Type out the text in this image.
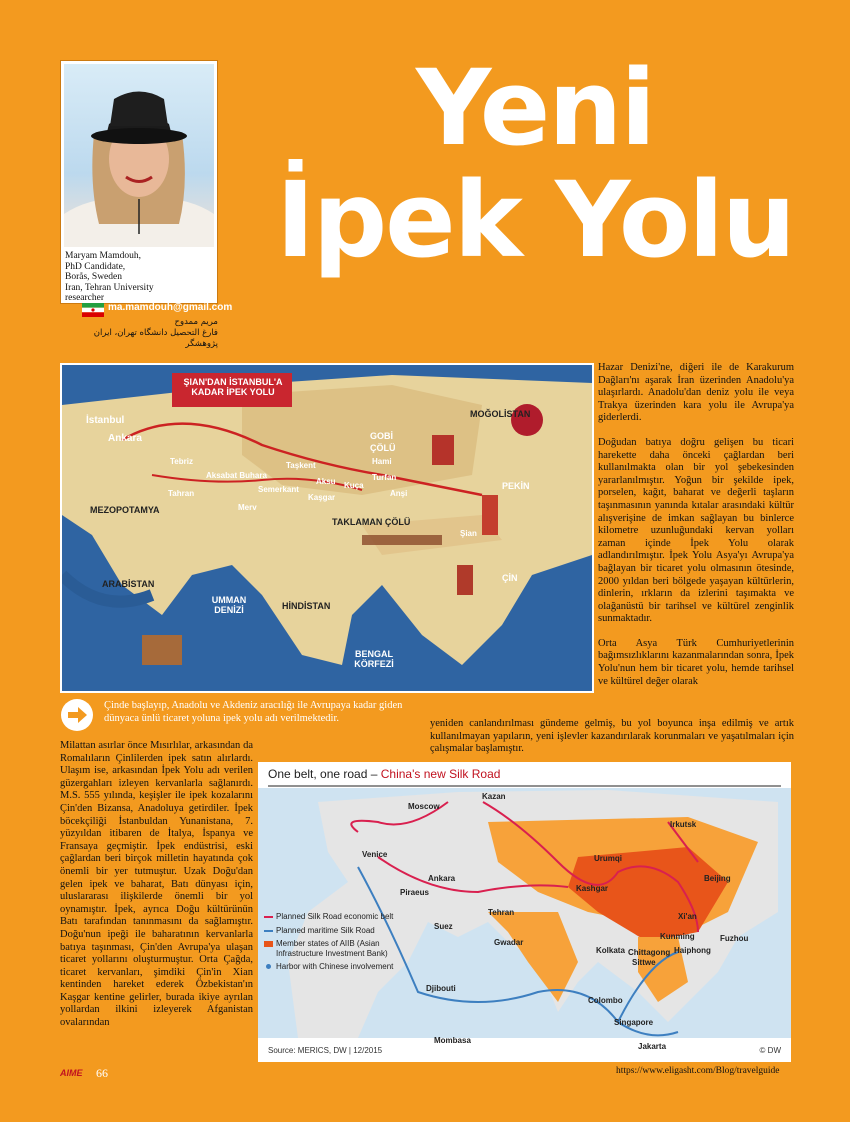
Maryam Mamdouh,
PhD Candidate,
Borås, Sweden
Iran, Tehran University
researcher
ma.mamdouh@gmail.com
مریم ممدوح
فارغ التحصیل دانشگاه تهران، ایران
پژوهشگر
Yeni
İpek Yolu
ŞIAN'DAN İSTANBUL'A
KADAR İPEK YOLU
İstanbul
Ankara
MOĞOLİSTAN
GOBİ
ÇÖLÜ
Tebriz
Aksabat Buhara
Taşkent	Hami
Turfan
Aksu Kuça
Semerkant
Tahran
Merv
Kaşgar	Anşi
PEKİN
MEZOPOTAMYA
TAKLAMAN ÇÖLÜ
Şian
ARABİSTAN
ÇİN
UMMAN
DENİZİ	HİNDİSTAN
BENGAL
KÖRFEZİ
Çinde başlayıp, Anadolu ve Akdeniz aracılığı ile Avrupaya kadar giden dünyaca ünlü ticaret yoluna ipek yolu adı verilmektedir.

Hazar Denizi'ne, diğeri ile de Karakurum Dağları'nı aşarak İran üzerinden Anadolu'ya ulaşırlardı. Anadolu'dan deniz yolu ile veya Trakya üzerinden kara yolu ile Avrupa'ya giderlerdi.

Doğudan batıya doğru gelişen bu ticari harekette daha önceki çağlardan beri kullanılmakta olan bir yol şebekesinden yararlanılmıştır. Yoğun bir şekilde ipek, porselen, kağıt, baharat ve değerli taşların taşınmasının yanında kıtalar arasındaki kültür alışverişine de imkan sağlayan bu binlerce kilometre uzunluğundaki kervan yolları zaman içinde İpek Yolu olarak adlandırılmıştır. İpek Yolu Asya'yı Avrupa'ya bağlayan bir ticaret yolu olmasının ötesinde, 2000 yıldan beri bölgede yaşayan kültürlerin, dinlerin, ırkların da izlerini taşımakta ve olağanüstü bir tarihsel ve kültürel zenginlik sunmaktadır.

Orta Asya Türk Cumhuriyetlerinin bağımsızlıklarını kazanmalarından sonra, İpek Yolu'nun hem bir ticaret yolu, hemde tarihsel ve kültürel değer olarak

yeniden canlandırılması gündeme gelmiş, bu yol boyunca inşa edilmiş ve artık kullanılmayan yapıların, yeni işlevler kazandırılarak korunmaları ve yaşatılmaları için çalışmalar başlamıştır.
Milattan asırlar önce Mısırlılar, arkasından da Romalıların Çinlilerden ipek satın alırlardı. Ulaşım ise, arkasından İpek Yolu adı verilen güzergahları izleyen kervanlarla sağlanırdı. M.S. 555 yılında, keşişler ile ipek kozalarını Çin'den Bizansa, Anadoluya getirdiler. İpek böcekçiliği İstanbuldan Yunanistana, 7. yüzyıldan itibaren de İtalya, İspanya ve Fransaya geçmiştir. İpek endüstrisi, eski çağlardan beri birçok milletin hayatında çok önemli bir yer tutmuştur. Uzak Doğu'dan gelen ipek ve baharat, Batı dünyası için, uluslararası ilişkilerde önemli bir yol oynamıştır. İpek, ayrıca Doğu kültürünün Batı tarafından tanınmasını da sağlamıştır. Doğu'nun ipeği ile baharatının kervanlarla batıya taşınması, Çin'den Avrupa'ya ulaşan ticaret yollarını oluşturmuştur. Orta Çağda, ticaret kervanları, şimdiki Çin'in Xian kentinden hareket ederek Özbekistan'ın Kaşgar kentine gelirler, burada ikiye ayrılan yollardan ilkini izleyerek Afganistan ovalarından
One belt, one road – China's new Silk Road
Moscow
Kazan
Irkutsk
Venice	Urumqi
Ankara
Kashgar
Beijing
Piraeus
Tehran	Xi'an
Suez
Gwadar
Kunming	Fuzhou
Haiphong
Kolkata Chittagong
Sittwe
Djibouti
Colombo
Singapore
Mombasa
Jakarta
Planned Silk Road economic belt
Planned maritime Silk Road
Member states of AIIB (Asian Infrastructure Investment Bank)
Harbor with Chinese involvement
Source: MERICS, DW | 12/2015	© DW
AIME 66	https://www.eligasht.com/Blog/travelguide
